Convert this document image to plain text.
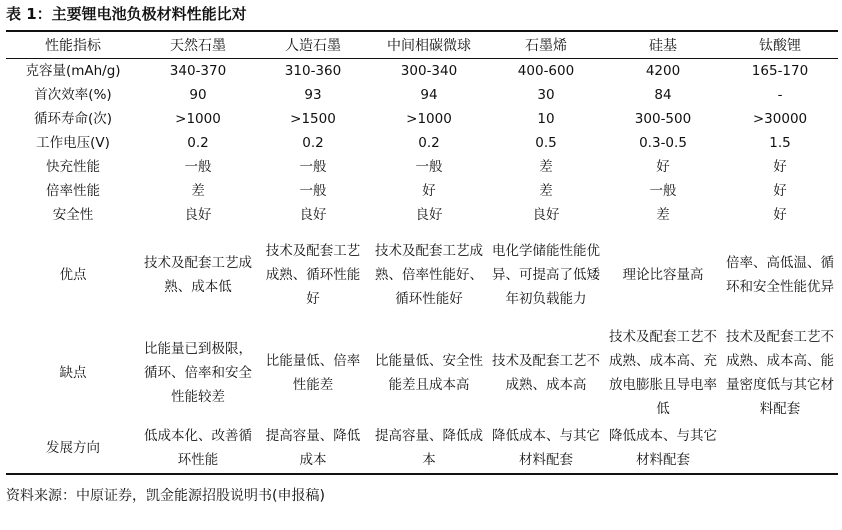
表 1：主要锂电池负极材料性能比对
性能指标	天然石墨	人造石墨	中间相碳微球	石墨烯	硅基	钛酸锂
克容量(mAh/g)	340-370	310-360	300-340	400-600	4200	165-170
首次效率(%)	90	93	94	30	84	-
循环寿命(次)	>1000	>1500	>1000	10	300-500	>30000
工作电压(V)	0.2	0.2	0.2	0.5	0.3-0.5	1.5
快充性能	一般	一般	一般	差	好	好
倍率性能	差	一般	好	差	一般	好
安全性	良好	良好	良好	良好	差	好
优点	技术及配套工艺成熟、成本低	技术及配套工艺成熟、循环性能好	技术及配套工艺成熟、倍率性能好、循环性能好	电化学储能性能优异、可提高了低矮年初负载能力	理论比容量高	倍率、高低温、循环和安全性能优异
缺点	比能量已到极限，循环、倍率和安全性能较差	比能量低、倍率性能差	比能量低、安全性能差且成本高	技术及配套工艺不成熟、成本高	技术及配套工艺不成熟、成本高、充放电膨胀且导电率低	技术及配套工艺不成熟、成本高、能量密度低与其它材料配套
发展方向	低成本化、改善循环性能	提高容量、降低成本	提高容量、降低成本	降低成本、与其它材料配套	降低成本、与其它材料配套	
资料来源：中原证券，凯金能源招股说明书(申报稿)
